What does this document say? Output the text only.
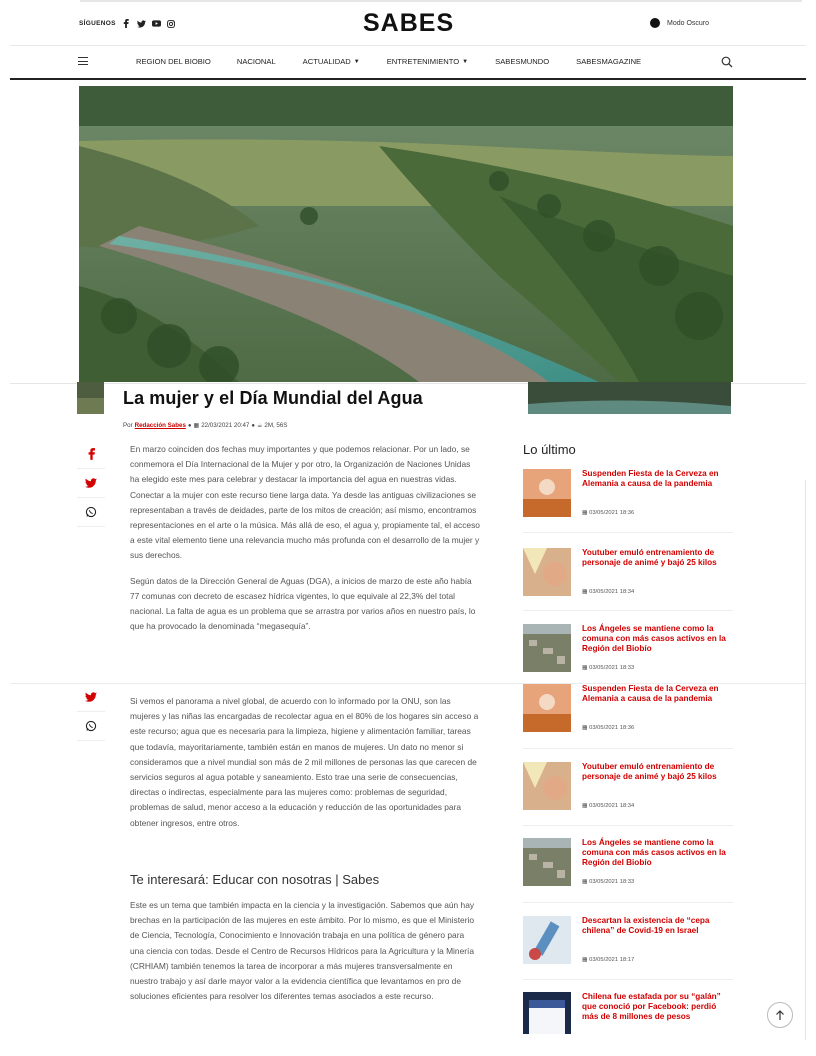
SÍGUENOS	SABES	Modo Oscuro
REGION DEL BIOBIO	NACIONAL	ACTUALIDAD ▼	ENTRETENIMIENTO ▼	SABESMUNDO	SABESMAGAZINE
La mujer y el Día Mundial del Agua
Por Redacción Sabes ● ▦ 22/03/2021 20:47 ● ☕ 2M, 56S

En marzo coinciden dos fechas muy importantes y que podemos relacionar. Por un lado, se conmemora el Día Internacional de la Mujer y por otro, la Organización de Naciones Unidas ha elegido este mes para celebrar y destacar la importancia del agua en nuestras vidas. Conectar a la mujer con este recurso tiene larga data. Ya desde las antiguas civilizaciones se representaban a través de deidades, parte de los mitos de creación; así mismo, encontramos representaciones en el arte o la música. Más allá de eso, el agua y, propiamente tal, el acceso a este vital elemento tiene una relevancia mucho más profunda con el desarrollo de la mujer y sus derechos.

Según datos de la Dirección General de Aguas (DGA), a inicios de marzo de este año había 77 comunas con decreto de escasez hídrica vigentes, lo que equivale al 22,3% del total nacional. La falta de agua es un problema que se arrastra por varios años en nuestro país, lo que ha provocado la denominada “megasequía”.

Si vemos el panorama a nivel global, de acuerdo con lo informado por la ONU, son las mujeres y las niñas las encargadas de recolectar agua en el 80% de los hogares sin acceso a este recurso; agua que es necesaria para la limpieza, higiene y alimentación familiar, tareas que todavía, mayoritariamente, también están en manos de mujeres. Un dato no menor si consideramos que a nivel mundial son más de 2 mil millones de personas las que carecen de servicios seguros al agua potable y saneamiento. Esto trae una serie de consecuencias, directas o indirectas, especialmente para las mujeres como: problemas de seguridad, problemas de salud, menor acceso a la educación y reducción de las oportunidades para obtener ingresos, entre otros.

Te interesará: Educar con nosotras | Sabes

Este es un tema que también impacta en la ciencia y la investigación. Sabemos que aún hay brechas en la participación de las mujeres en este ámbito. Por lo mismo, es que el Ministerio de Ciencia, Tecnología, Conocimiento e Innovación trabaja en una política de género para una ciencia con todas. Desde el Centro de Recursos Hídricos para la Agricultura y la Minería (CRHIAM) también tenemos la tarea de incorporar a más mujeres transversalmente en nuestro trabajo y así darle mayor valor a la evidencia científica que levantamos en pro de soluciones eficientes para resolver los diferentes temas asociados a este recurso.

Lo último
Suspenden Fiesta de la Cerveza en Alemania a causa de la pandemia
▦ 03/05/2021 18:36
Youtuber emuló entrenamiento de personaje de animé y bajó 25 kilos
▦ 03/05/2021 18:34
Los Ángeles se mantiene como la comuna con más casos activos en la Región del Biobío
▦ 03/05/2021 18:33
Suspenden Fiesta de la Cerveza en Alemania a causa de la pandemia
▦ 03/05/2021 18:36
Youtuber emuló entrenamiento de personaje de animé y bajó 25 kilos
▦ 03/05/2021 18:34
Los Ángeles se mantiene como la comuna con más casos activos en la Región del Biobío
▦ 03/05/2021 18:33
Descartan la existencia de “cepa chilena” de Covid-19 en Israel
▦ 03/05/2021 18:17
Chilena fue estafada por su “galán” que conoció por Facebook: perdió más de 8 millones de pesos
